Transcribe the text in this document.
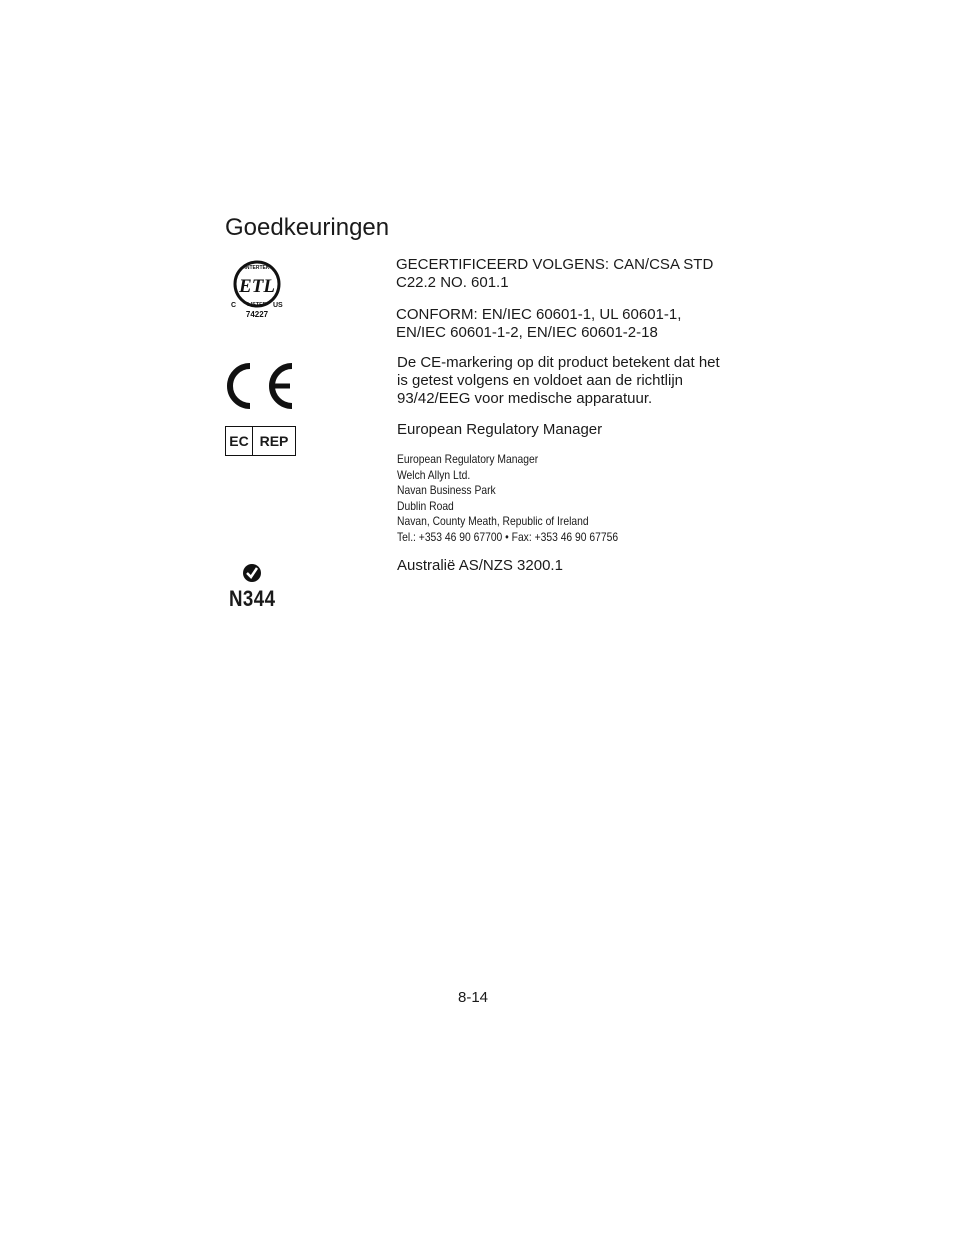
Goedkeuringen
INTERTEK
ETL
C LISTED US
74227
GECERTIFICEERD VOLGENS: CAN/CSA STD C22.2 NO. 601.1
CONFORM: EN/IEC 60601-1, UL 60601-1, EN/IEC 60601-1-2, EN/IEC 60601-2-18
De CE-markering op dit product betekent dat het is getest volgens en voldoet aan de richtlijn 93/42/EEG voor medische apparatuur.
EC REP
European Regulatory Manager
European Regulatory Manager
Welch Allyn Ltd.
Navan Business Park
Dublin Road
Navan, County Meath, Republic of Ireland
Tel.: +353 46 90 67700 • Fax: +353 46 90 67756
N344
Australië AS/NZS 3200.1
8-14
